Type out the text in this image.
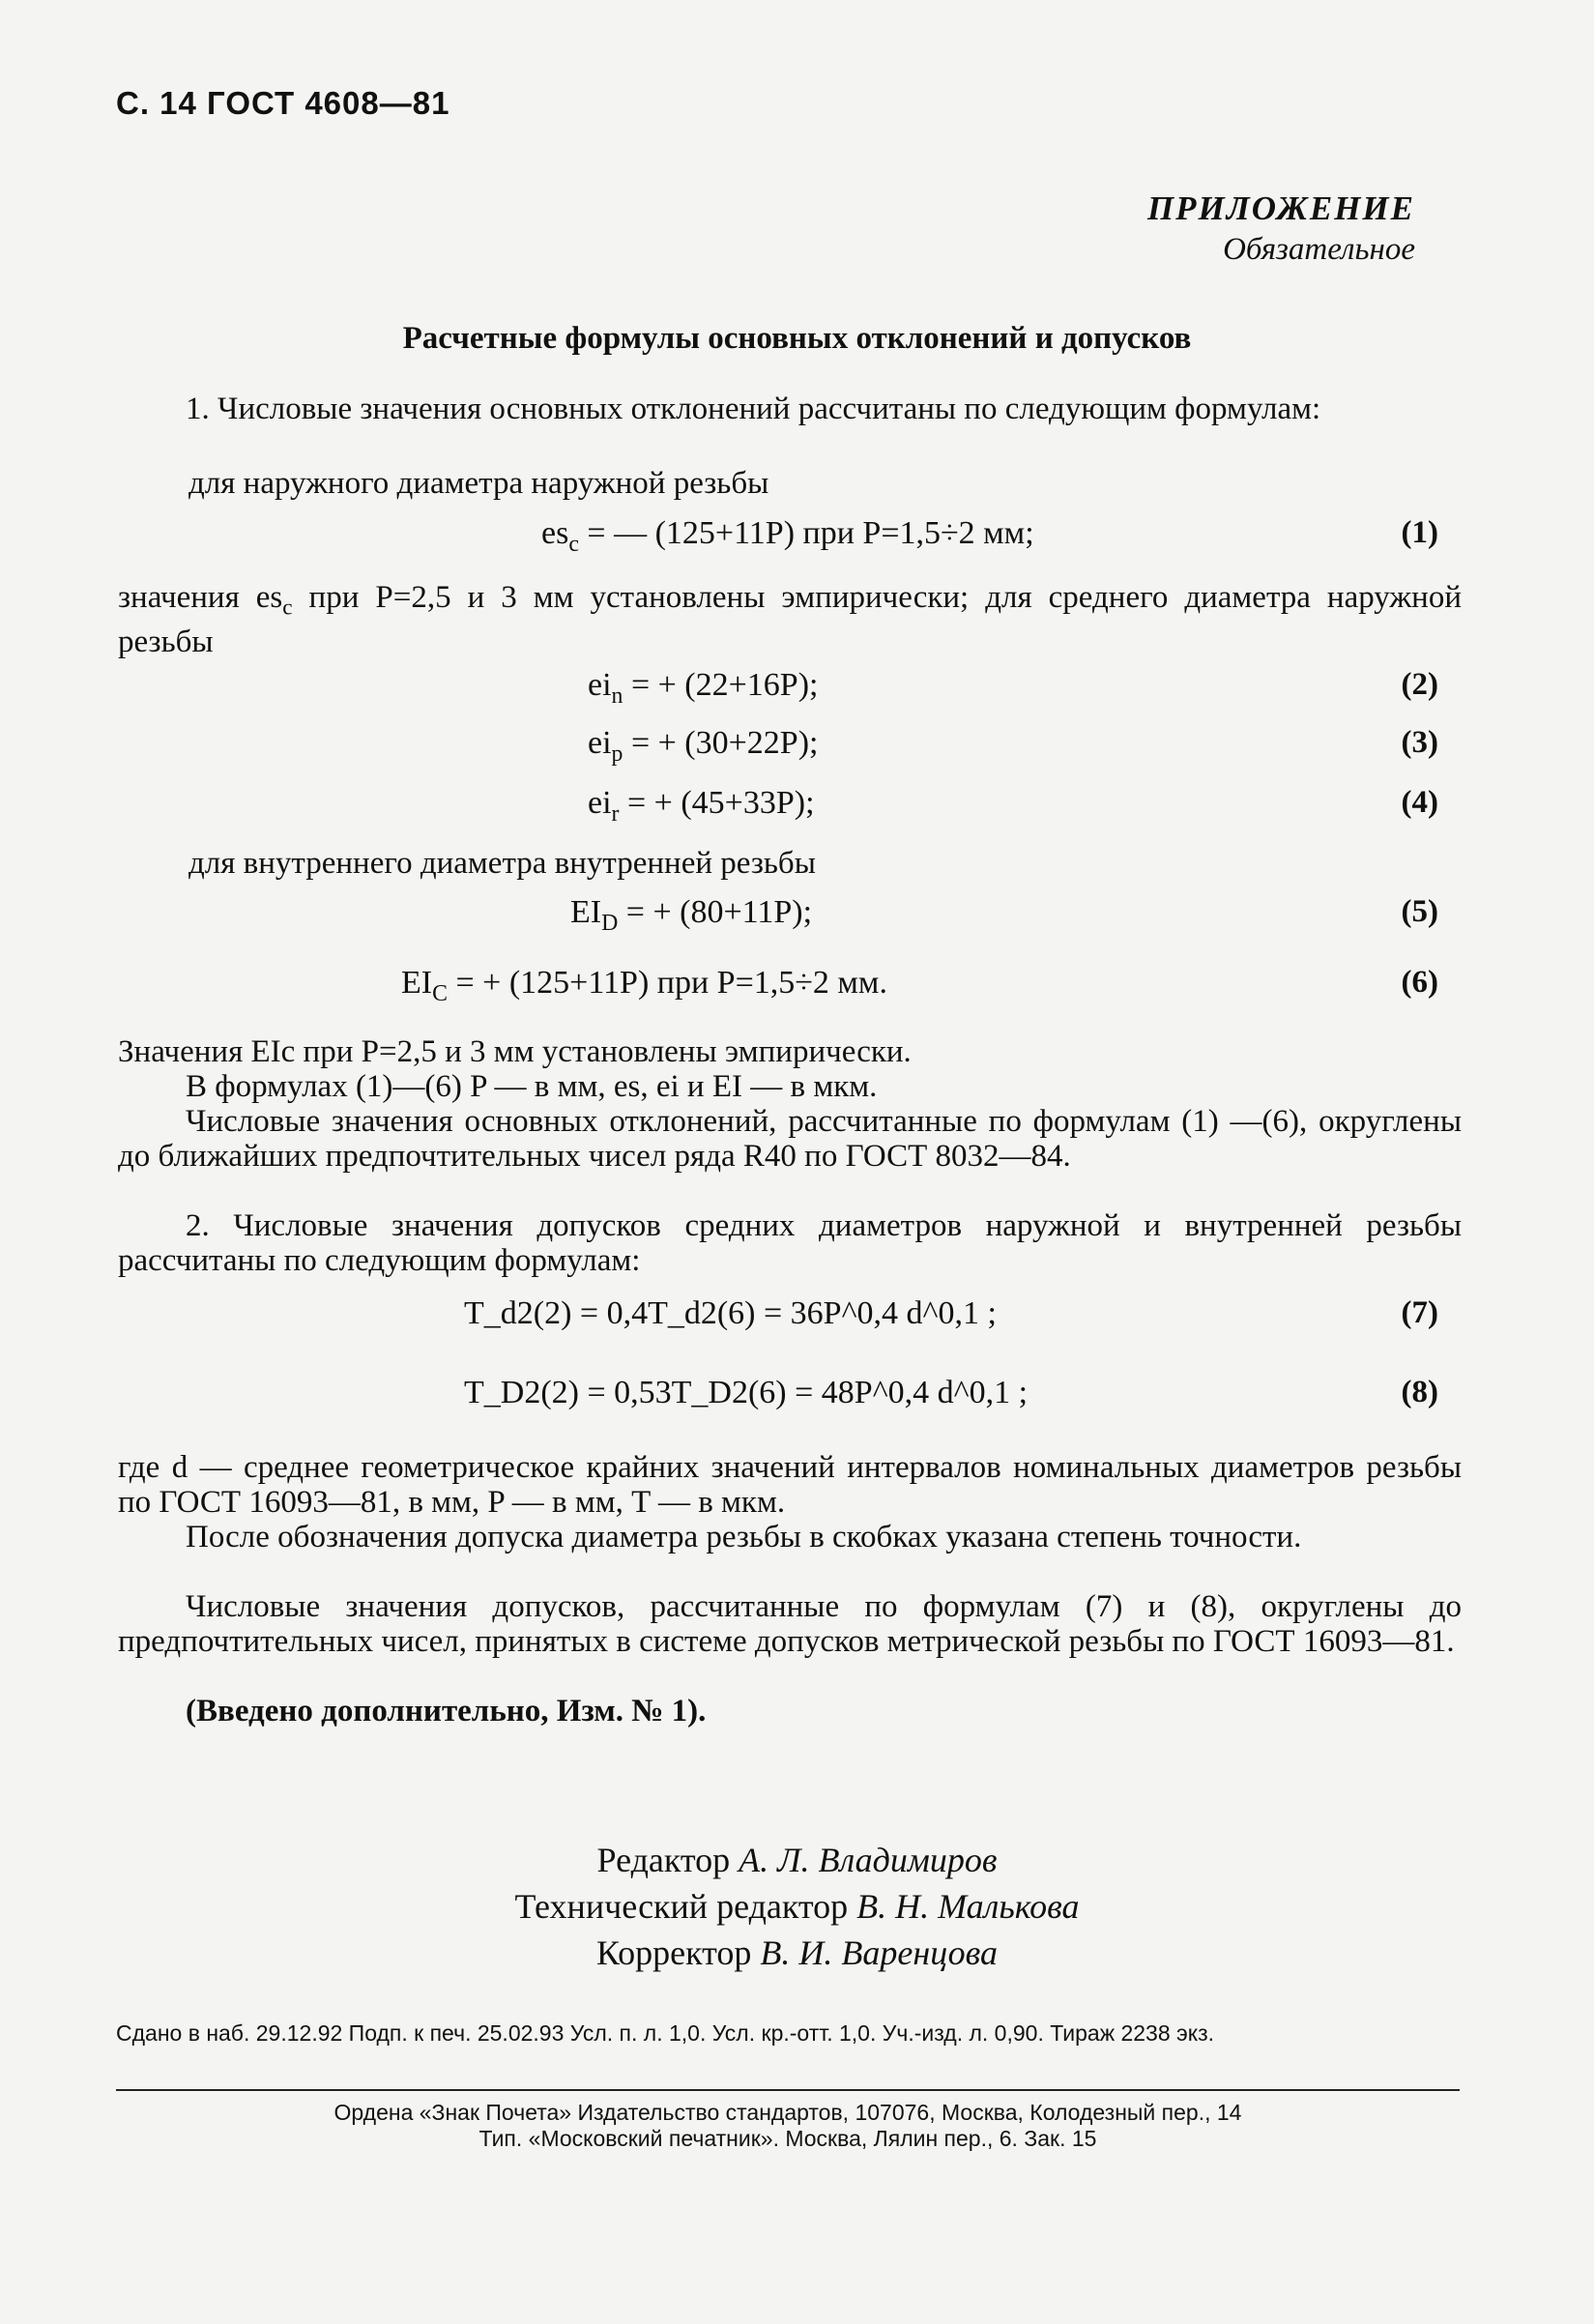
С. 14 ГОСТ 4608—81
ПРИЛОЖЕНИЕ
Обязательное
Расчетные формулы основных отклонений и допусков
1. Числовые значения основных отклонений рассчитаны по следующим формулам:
для наружного диаметра наружной резьбы
$es_c$ = — (125+11P) при P=1,5÷2 мм;	(1)
значения $es_c$ при P=2,5 и 3 мм установлены эмпирически; для среднего диаметра наружной резьбы
$ei_n$ = + (22+16P);	(2)
$ei_p$ = + (30+22P);	(3)
$ei_r$ = + (45+33P);	(4)
для внутреннего диаметра внутренней резьбы
$EI_D$ = + (80+11P);	(5)
$EI_C$ = + (125+11P) при P=1,5÷2 мм.	(6)
Значения EIc при P=2,5 и 3 мм установлены эмпирически.
В формулах (1)—(6) P — в мм, es, ei и EI — в мкм.
Числовые значения основных отклонений, рассчитанные по формулам (1) —(6), округлены до ближайших предпочтительных чисел ряда R40 по ГОСТ 8032—84.
2. Числовые значения допусков средних диаметров наружной и внутренней резьбы рассчитаны по следующим формулам:
T_d2(2) = 0,4T_d2(6) = 36P^0,4 d^0,1 ;	(7)
T_D2(2) = 0,53T_D2(6) = 48P^0,4 d^0,1 ;	(8)
где d — среднее геометрическое крайних значений интервалов номинальных диаметров резьбы по ГОСТ 16093—81, в мм, P — в мм, T — в мкм.
После обозначения допуска диаметра резьбы в скобках указана степень точности.
Числовые значения допусков, рассчитанные по формулам (7) и (8), округлены до предпочтительных чисел, принятых в системе допусков метрической резьбы по ГОСТ 16093—81.
(Введено дополнительно, Изм. № 1).
Редактор А. Л. Владимиров
Технический редактор В. Н. Малькова
Корректор В. И. Варенцова
Сдано в наб. 29.12.92 Подп. к печ. 25.02.93 Усл. п. л. 1,0. Усл. кр.-отт. 1,0. Уч.-изд. л. 0,90. Тираж 2238 экз.
Ордена «Знак Почета» Издательство стандартов, 107076, Москва, Колодезный пер., 14
Тип. «Московский печатник». Москва, Лялин пер., 6. Зак. 15
